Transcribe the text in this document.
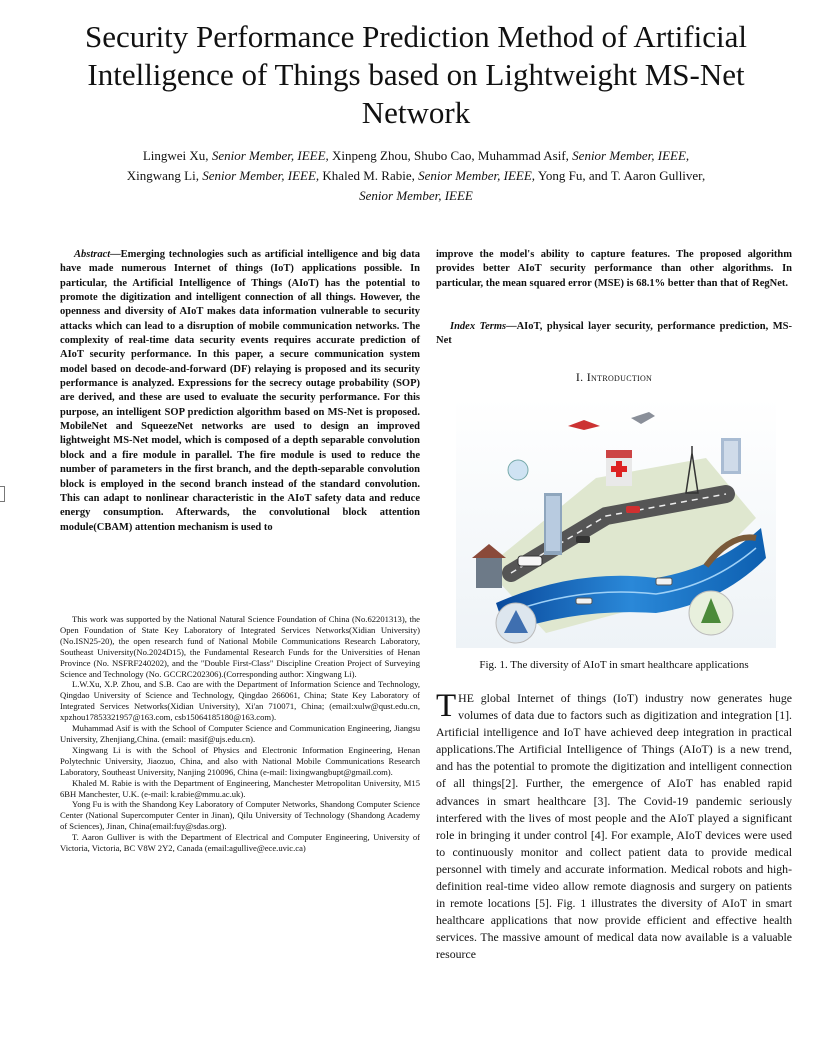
Security Performance Prediction Method of Artificial Intelligence of Things based on Lightweight MS-Net Network
Lingwei Xu, Senior Member, IEEE, Xinpeng Zhou, Shubo Cao, Muhammad Asif, Senior Member, IEEE,
Xingwang Li, Senior Member, IEEE, Khaled M. Rabie, Senior Member, IEEE, Yong Fu, and T. Aaron Gulliver,
Senior Member, IEEE
Abstract—Emerging technologies such as artificial intelligence and big data have made numerous Internet of things (IoT) applications possible. In particular, the Artificial Intelligence of Things (AIoT) has the potential to promote the digitization and intelligent connection of all things. However, the openness and diversity of AIoT makes data information vulnerable to security attacks which can lead to a disruption of mobile communication networks. The complexity of real-time data security events requires accurate prediction of AIoT security performance. In this paper, a secure communication system model based on decode-and-forward (DF) relaying is proposed and its security performance is analyzed. Expressions for the secrecy outage probability (SOP) are derived, and these are used to evaluate the security performance. For this purpose, an intelligent SOP prediction algorithm based on MS-Net is proposed. MobileNet and SqueezeNet networks are used to design an improved lightweight MS-Net model, which is composed of a depth separable convolution block and a fire module in parallel. The fire module is used to reduce the number of parameters in the first branch, and the depth-separable convolution block is employed in the second branch instead of the standard convolution. This can adapt to nonlinear characteristic in the AIoT safety data and reduce energy consumption. Afterwards, the convolutional block attention module(CBAM) attention mechanism is used to
improve the model's ability to capture features. The proposed algorithm provides better AIoT security performance than other algorithms. In particular, the mean squared error (MSE) is 68.1% better than that of RegNet.
Index Terms—AIoT, physical layer security, performance prediction, MS-Net
I. Introduction
Fig. 1. The diversity of AIoT in smart healthcare applications

This work was supported by the National Natural Science Foundation of China (No.62201313), the Open Foundation of State Key Laboratory of Integrated Services Networks(Xidian University)(No.ISN25-20), the open research fund of National Mobile Communications Research Laboratory, Southeast University(No.2024D15), the Fundamental Research Funds for the Universities of Henan Province (No. NSFRF240202), and the "Double First-Class" Discipline Creation Project of Surveying Science and Technology (No. GCCRC202306).(Corresponding author: Xingwang Li).

L.W.Xu, X.P. Zhou, and S.B. Cao are with the Department of Information Science and Technology, Qingdao University of Science and Technology, Qingdao 266061, China; State Key Laboratory of Integrated Services Networks(Xidian University), Xi'an 710071, China; (email:xulw@qust.edu.cn, xpzhou17853321957@163.com, csb15064185180@163.com).

Muhammad Asif is with the School of Computer Science and Communication Engineering, Jiangsu University, Zhenjiang,China. (email: masif@ujs.edu.cn).

Xingwang Li is with the School of Physics and Electronic Information Engineering, Henan Polytechnic University, Jiaozuo, China, and also with National Mobile Communications Research Laboratory, Southeast University, Nanjing 210096, China (e-mail: lixingwangbupt@gmail.com).

Khaled M. Rabie is with the Department of Engineering, Manchester Metropolitan University, M15 6BH Manchester, U.K. (e-mail: k.rabie@mmu.ac.uk).

Yong Fu is with the Shandong Key Laboratory of Computer Networks, Shandong Computer Science Center (National Supercomputer Center in Jinan), Qilu University of Technology (Shandong Academy of Sciences), Jinan, China(email:fuy@sdas.org).

T. Aaron Gulliver is with the Department of Electrical and Computer Engineering, University of Victoria, Victoria, BC V8W 2Y2, Canada (email:agullive@ece.uvic.ca)

THE global Internet of things (IoT) industry now generates huge volumes of data due to factors such as digitization and integration [1]. Artificial intelligence and IoT have achieved deep integration in practical applications.The Artificial Intelligence of Things (AIoT) is a new trend, and has the potential to promote the digitization and intelligent connection of all things[2]. Further, the emergence of AIoT has enabled rapid advances in smart healthcare [3]. The Covid-19 pandemic seriously interfered with the lives of most people and the AIoT played a significant role in bringing it under control [4]. For example, AIoT devices were used to continuously monitor and collect patient data to provide medical personnel with timely and accurate information. Medical robots and high-definition real-time video allow remote diagnosis and surgery on patients in remote locations [5]. Fig. 1 illustrates the diversity of AIoT in smart healthcare applications that now provide efficient and effective health services. The massive amount of medical data now available is a valuable resource
